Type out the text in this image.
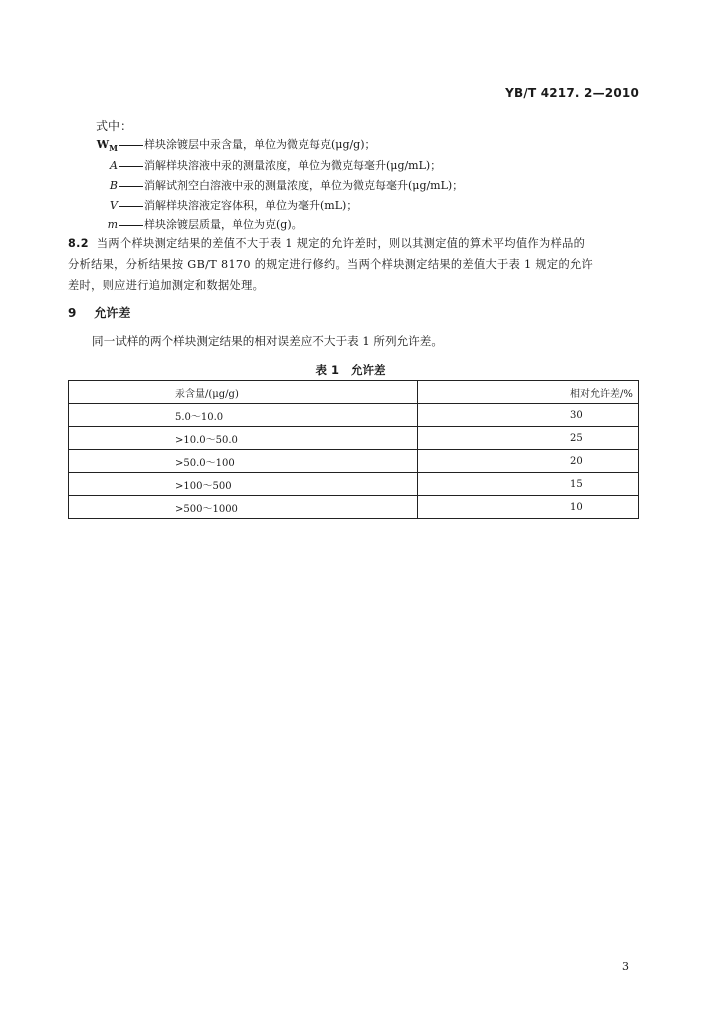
YB/T 4217. 2—2010
式中：
$W_M$ 样块涂镀层中汞含量，单位为微克每克(μg/g)；
A 消解样块溶液中汞的测量浓度，单位为微克每毫升(μg/mL)；
B 消解试剂空白溶液中汞的测量浓度，单位为微克每毫升(μg/mL)；
V 消解样块溶液定容体积，单位为毫升(mL)；
m 样块涂镀层质量，单位为克(g)。
8.2 当两个样块测定结果的差值不大于表 1 规定的允许差时，则以其测定值的算术平均值作为样品的
分析结果，分析结果按 GB/T 8170 的规定进行修约。当两个样块测定结果的差值大于表 1 规定的允许
差时，则应进行追加测定和数据处理。
9 允许差
同一试样的两个样块测定结果的相对误差应不大于表 1 所列允许差。
表 1 允许差
汞含量/(μg/g)	相对允许差/%
5.0～10.0	30
>10.0～50.0	25
>50.0～100	20
>100～500	15
>500～1000	10
3
